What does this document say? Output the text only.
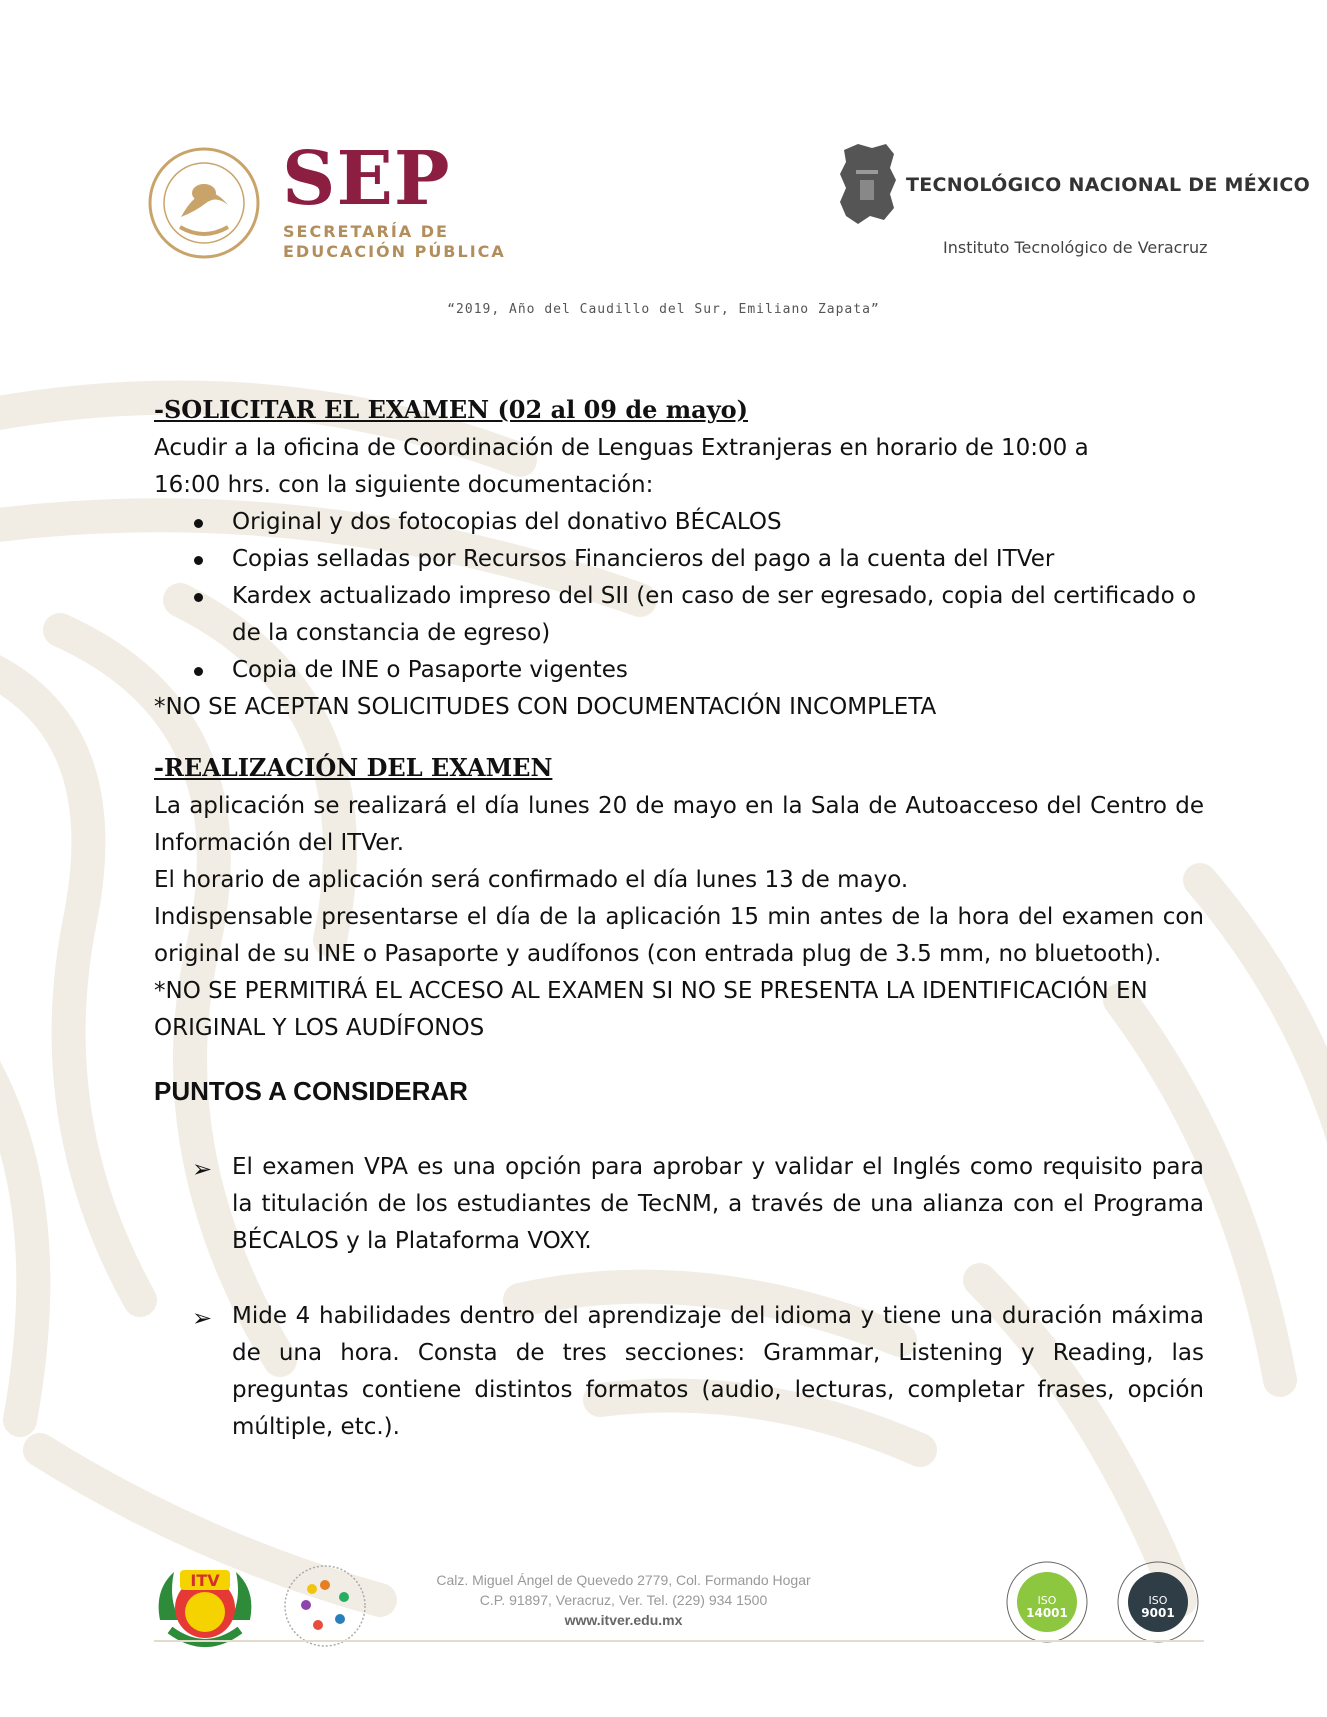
SEP
SECRETARÍA DE
EDUCACIÓN PÚBLICA
TECNOLÓGICO NACIONAL DE MÉXICO
Instituto Tecnológico de Veracruz
“2019, Año del Caudillo del Sur, Emiliano Zapata”
-SOLICITAR EL EXAMEN (02 al 09 de mayo)
Acudir a la oficina de Coordinación de Lenguas Extranjeras en horario de 10:00 a
16:00 hrs. con la siguiente documentación:
Original y dos fotocopias del donativo BÉCALOS
Copias selladas por Recursos Financieros del pago a la cuenta del ITVer
Kardex actualizado impreso del SII (en caso de ser egresado, copia del certificado o de la constancia de egreso)
Copia de INE o Pasaporte vigentes
*NO SE ACEPTAN SOLICITUDES CON DOCUMENTACIÓN INCOMPLETA
-REALIZACIÓN DEL EXAMEN
La aplicación se realizará el día lunes 20 de mayo en la Sala de Autoacceso del Centro de Información del ITVer.
El horario de aplicación será confirmado el día lunes 13 de mayo.
Indispensable presentarse el día de la aplicación 15 min antes de la hora del examen con original de su INE o Pasaporte y audífonos (con entrada plug de 3.5 mm, no bluetooth).
*NO SE PERMITIRÁ EL ACCESO AL EXAMEN SI NO SE PRESENTA LA IDENTIFICACIÓN EN ORIGINAL Y LOS AUDÍFONOS
PUNTOS A CONSIDERAR
➢ El examen VPA es una opción para aprobar y validar el Inglés como requisito para la titulación de los estudiantes de TecNM, a través de una alianza con el Programa BÉCALOS y la Plataforma VOXY.
➢ Mide 4 habilidades dentro del aprendizaje del idioma y tiene una duración máxima de una hora. Consta de tres secciones: Grammar, Listening y Reading, las preguntas contiene distintos formatos (audio, lecturas, completar frases, opción múltiple, etc.).
ITV	Calz. Miguel Ángel de Quevedo 2779, Col. Formando Hogar
C.P. 91897, Veracruz, Ver. Tel. (229) 934 1500
www.itver.edu.mx
ISO
14001
ISO
9001
